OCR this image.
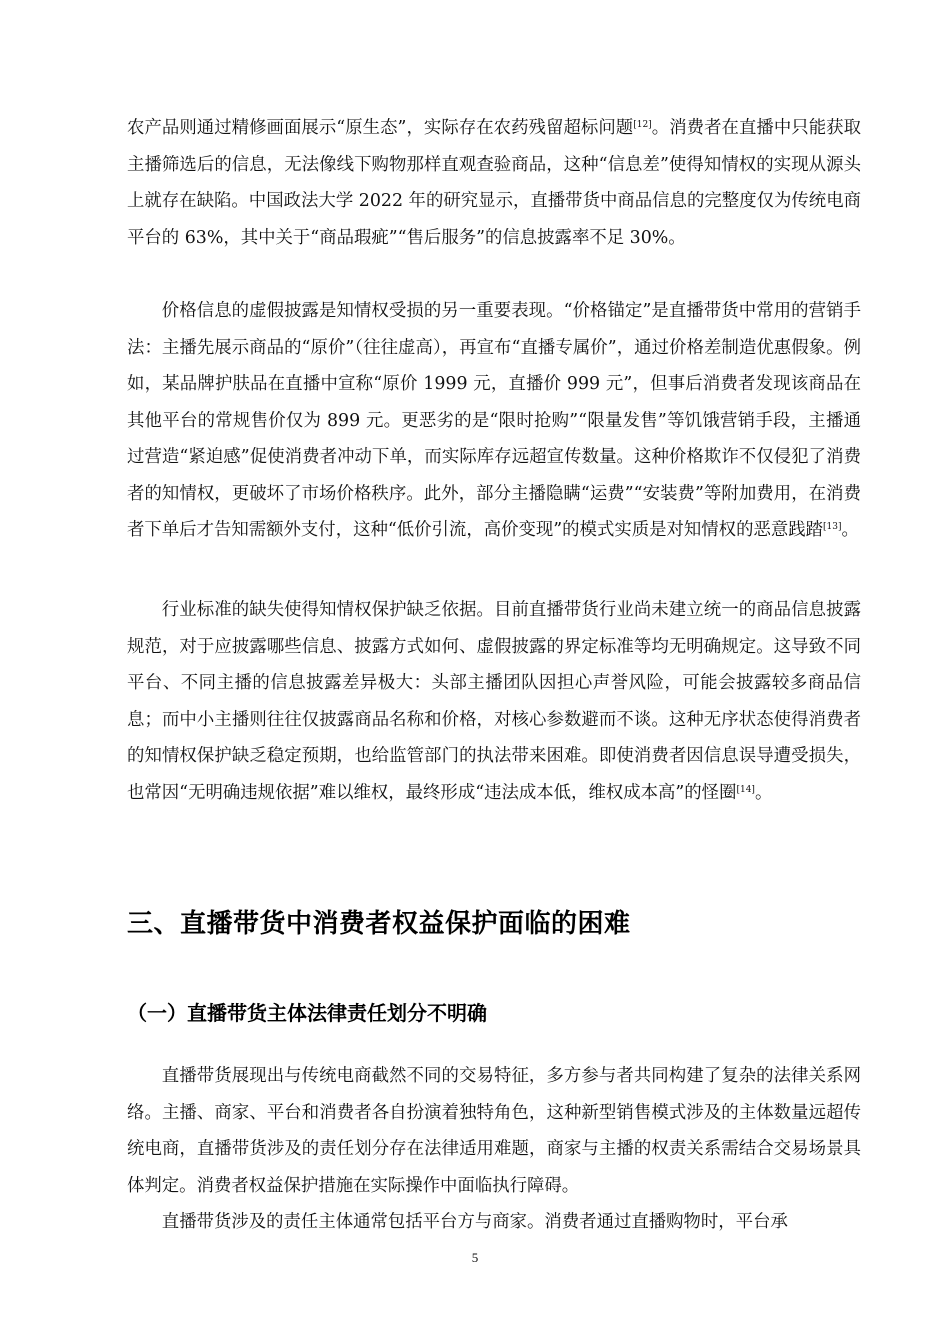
农产品则通过精修画面展示“原生态”，实际存在农药残留超标问题[12]。消费者在直播中只能获取主播筛选后的信息，无法像线下购物那样直观查验商品，这种“信息差”使得知情权的实现从源头上就存在缺陷。中国政法大学 2022 年的研究显示，直播带货中商品信息的完整度仅为传统电商平台的 63%，其中关于“商品瑕疵”“售后服务”的信息披露率不足 30%。

价格信息的虚假披露是知情权受损的另一重要表现。“价格锚定”是直播带货中常用的营销手法：主播先展示商品的“原价”（往往虚高），再宣布“直播专属价”，通过价格差制造优惠假象。例如，某品牌护肤品在直播中宣称“原价 1999 元，直播价 999 元”，但事后消费者发现该商品在其他平台的常规售价仅为 899 元。更恶劣的是“限时抢购”“限量发售”等饥饿营销手段，主播通过营造“紧迫感”促使消费者冲动下单，而实际库存远超宣传数量。这种价格欺诈不仅侵犯了消费者的知情权，更破坏了市场价格秩序。此外，部分主播隐瞒“运费”“安装费”等附加费用，在消费者下单后才告知需额外支付，这种“低价引流，高价变现”的模式实质是对知情权的恶意践踏[13]。

行业标准的缺失使得知情权保护缺乏依据。目前直播带货行业尚未建立统一的商品信息披露规范，对于应披露哪些信息、披露方式如何、虚假披露的界定标准等均无明确规定。这导致不同平台、不同主播的信息披露差异极大：头部主播团队因担心声誉风险，可能会披露较多商品信息；而中小主播则往往仅披露商品名称和价格，对核心参数避而不谈。这种无序状态使得消费者的知情权保护缺乏稳定预期，也给监管部门的执法带来困难。即使消费者因信息误导遭受损失，也常因“无明确违规依据”难以维权，最终形成“违法成本低，维权成本高”的怪圈[14]。

三、直播带货中消费者权益保护面临的困难
（一）直播带货主体法律责任划分不明确

直播带货展现出与传统电商截然不同的交易特征，多方参与者共同构建了复杂的法律关系网络。主播、商家、平台和消费者各自扮演着独特角色，这种新型销售模式涉及的主体数量远超传统电商，直播带货涉及的责任划分存在法律适用难题，商家与主播的权责关系需结合交易场景具体判定。消费者权益保护措施在实际操作中面临执行障碍。

直播带货涉及的责任主体通常包括平台方与商家。消费者通过直播购物时，平台承

5
